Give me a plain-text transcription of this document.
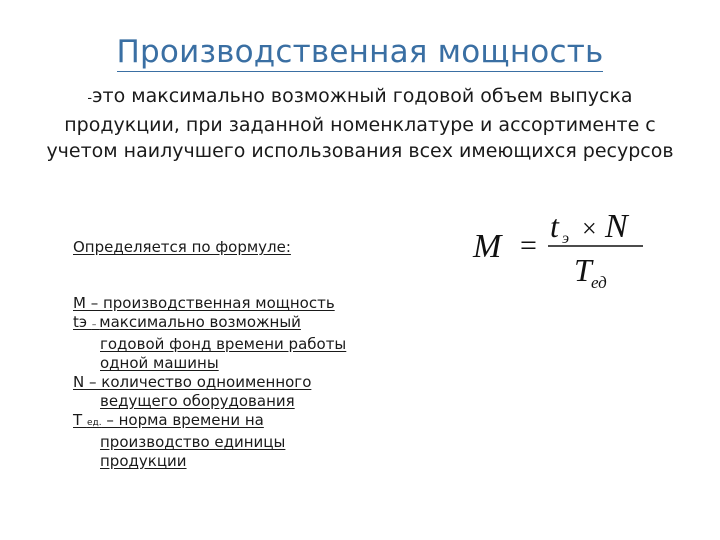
Производственная мощность
-это максимально возможный годовой объем выпуска
продукции, при заданной номенклатуре и ассортименте с
учетом наилучшего использования всех имеющихся ресурсов

Определяется по формуле:

М – производственная мощность

tэ – максимально возможный
годовой фонд времени работы
одной машины

N – количество одноименного
ведущего оборудования

Т ед. – норма времени на
производство единицы
продукции

M =
t э × N
T ед
